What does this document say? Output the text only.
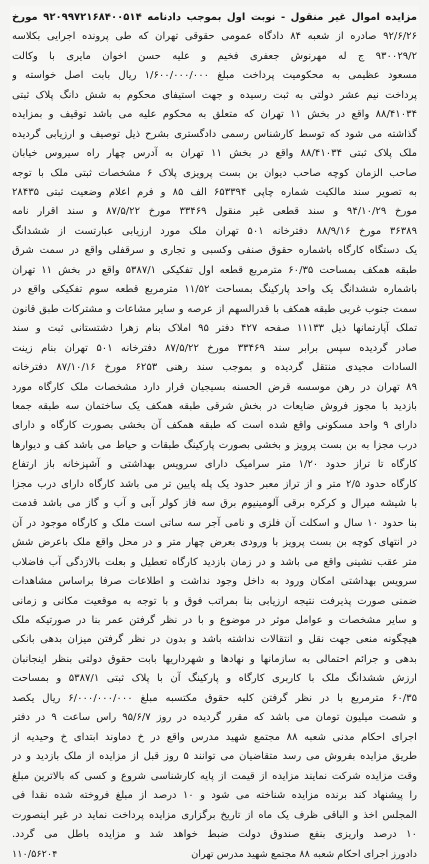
مزایده اموال غیر منقول - نوبت اول بموجب دادنامه ۹۲۰۹۹۷۲۱۶۸۴۰۰۵۱۴ مورخ
۹۲/۶/۲۶ صادره از شعبه ۸۴ دادگاه عمومی حقوقی تهران که طی پرونده اجرایی بکلاسه
۹۳۰۰۲۹/۲ ج له مهرنوش جعفری فخیم و علیه حسن اخوان مایری با وکالت
مسعود عظیمی به محکومیت پرداخت مبلغ ۱/۶۰۰/۰۰۰/۰۰۰ ریال بابت اصل خواسته و
پرداخت نیم عشر دولتی به ثبت رسیده و جهت استیفای محکوم به شش دانگ پلاک ثبتی
۸۸/۴۱۰۳۴ واقع در بخش ۱۱ تهران که متعلق به محکوم علیه می باشد توقیف و بمزایده
گذاشته می شود که توسط کارشناس رسمی دادگستری بشرح ذیل توصیف و ارزیابی گردیده
ملک پلاک ثبتی ۸۸/۴۱۰۳۴ واقع در بخش ۱۱ تهران به آدرس چهار راه سیروس خیابان
صاحب الزمان کوچه صاحب دیوان بن بست پرویزی پلاک ۶ مشخصات ثبتی ملک با توجه
به تصویر سند مالکیت شماره چاپی ۶۵۳۳۹۴ الف ۸۵ و فرم اعلام وضعیت ثبتی ۲۸۴۳۵
مورخ ۹۴/۱۰/۲۹ و سند قطعی غیر منقول ۳۳۴۶۹ مورخ ۸۷/۵/۲۲ و سند اقرار نامه
۳۶۳۸۹ مورخ ۸۸/۹/۱۶ دفترخانه ۵۰۱ تهران ملک مورد ارزیابی عبارتست از ششدانگ
یک دستگاه کارگاه باشماره حقوق صنفی وکسبی و تجاری و سرقفلی واقع در سمت شرق
طبقه همکف بمساحت ۶۰/۳۵ مترمربع قطعه اول تفکیکی ۵۳۸۷/۱ واقع در بخش ۱۱ تهران
باشماره ششدانگ یک واحد پارکینگ بمساحت ۱۱/۵۲ مترمربع قطعه سوم تفکیکی واقع در
سمت جنوب غربی طبقه همکف با قدرالسهم از عرصه و سایر مشاعات و مشترکات طبق قانون
تملک آپارتمانها ذیل ۱۱۱۳۳ صفحه ۴۲۷ دفتر ۹۵ املاک بنام زهرا دشتستانی ثبت و سند
صادر گردیده سپس برابر سند ۳۳۴۶۹ مورخ ۸۷/۵/۲۲ دفترخانه ۵۰۱ تهران بنام زینت
السادات مجیدی منتقل گردیده و بموجب سند رهنی ۶۲۵۳ مورخ ۸۷/۱۰/۱۶ دفترخانه
۸۹ تهران در رهن موسسه قرض الحسنه بسیجیان قرار دارد مشخصات ملک کارگاه مورد
بازدید با مجوز فروش ضایعات در بخش شرقی طبقه همکف یک ساختمان سه طبقه جمعا
دارای ۹ واحد مسکونی واقع شده است که طبقه همکف آن بخشی بصورت کارگاه و دارای
درب مجزا به بن بست پرویز و بخشی بصورت پارکینگ طبقات و حیاط می باشد کف و دیوارها
کارگاه تا تراز حدود ۱/۲۰ متر سرامیک دارای سرویس بهداشتی و آشپزخانه باز ارتفاع
کارگاه حدود ۲/۵ متر و از تراز معبر حدود یک پله پایین تر می باشد کارگاه دارای درب مجزا
با شیشه میرال و کرکره برقی آلومینیوم برق سه فاز کولر آبی و آب و گاز می باشد قدمت
بنا حدود ۱۰ سال و اسکلت آن فلزی و نامی آجر سه ساتی است ملک و کارگاه موجود در آن
در انتهای کوچه بن بست پرویز با ورودی بعرض چهار متر و در محل واقع ملک باعرض شش
متر عقب نشینی واقع می باشد و در زمان بازدید کارگاه تعطیل و بعلت بالازدگی آب فاضلاب
سرویس بهداشتی امکان ورود به داخل وجود نداشت و اطلاعات صرفا براساس مشاهدات
ضمنی صورت پذیرفت نتیجه ارزیابی بنا بمراتب فوق و با توجه به موقعیت مکانی و زمانی
و سایر مشخصات و عوامل موثر در موضوع و با در نظر گرفتن عمر بنا در صورتیکه ملک
هیچگونه منعی جهت نقل و انتقالات نداشته باشد و بدون در نظر گرفتن میزان بدهی بانکی
بدهی و جرائم احتمالی به سازمانها و نهادها و شهرداریها بابت حقوق دولتی بنظر اینجانبان
ارزش ششدانگ ملک با کاربری کارگاه و پارکینگ آن با پلاک ثبتی ۵۳۸۷/۱ و بمساحت
۶۰/۳۵ مترمربع با در نظر گرفتن کلیه حقوق مکتسبه مبلغ ۶/۰۰۰/۰۰۰/۰۰۰ ریال یکصد
و شصت میلیون تومان می باشد که مقرر گردیده در روز ۹۵/۶/۷ راس ساعت ۹ در دفتر
اجرای احکام مدنی شعبه ۸۸ مجتمع شهید مدرس واقع در خ دماوند ابتدای خ وحیدیه از
طریق مزایده بفروش می رسد متقاضیان می توانند ۵ روز قبل از مزایده از ملک بازدید و در
وقت مزایده شرکت نمایند مزایده از قیمت از پایه کارشناسی شروع و کسی که بالاترین مبلغ
را پیشنهاد کند برنده مزایده شناخته می شود و ۱۰ درصد از مبلغ فروخته شده نقدا فی
المجلس اخذ و الباقی ظرف یک ماه از تاریخ برگزاری مزایده پرداخت نماید در غیر اینصورت
۱۰ درصد واریزی بنفع صندوق دولت ضبط خواهد شد و مزایده باطل می گردد.
دادورز اجرای احکام شعبه ۸۸ مجتمع شهید مدرس تهران
۱۱۰/۵۶۲۰۴
